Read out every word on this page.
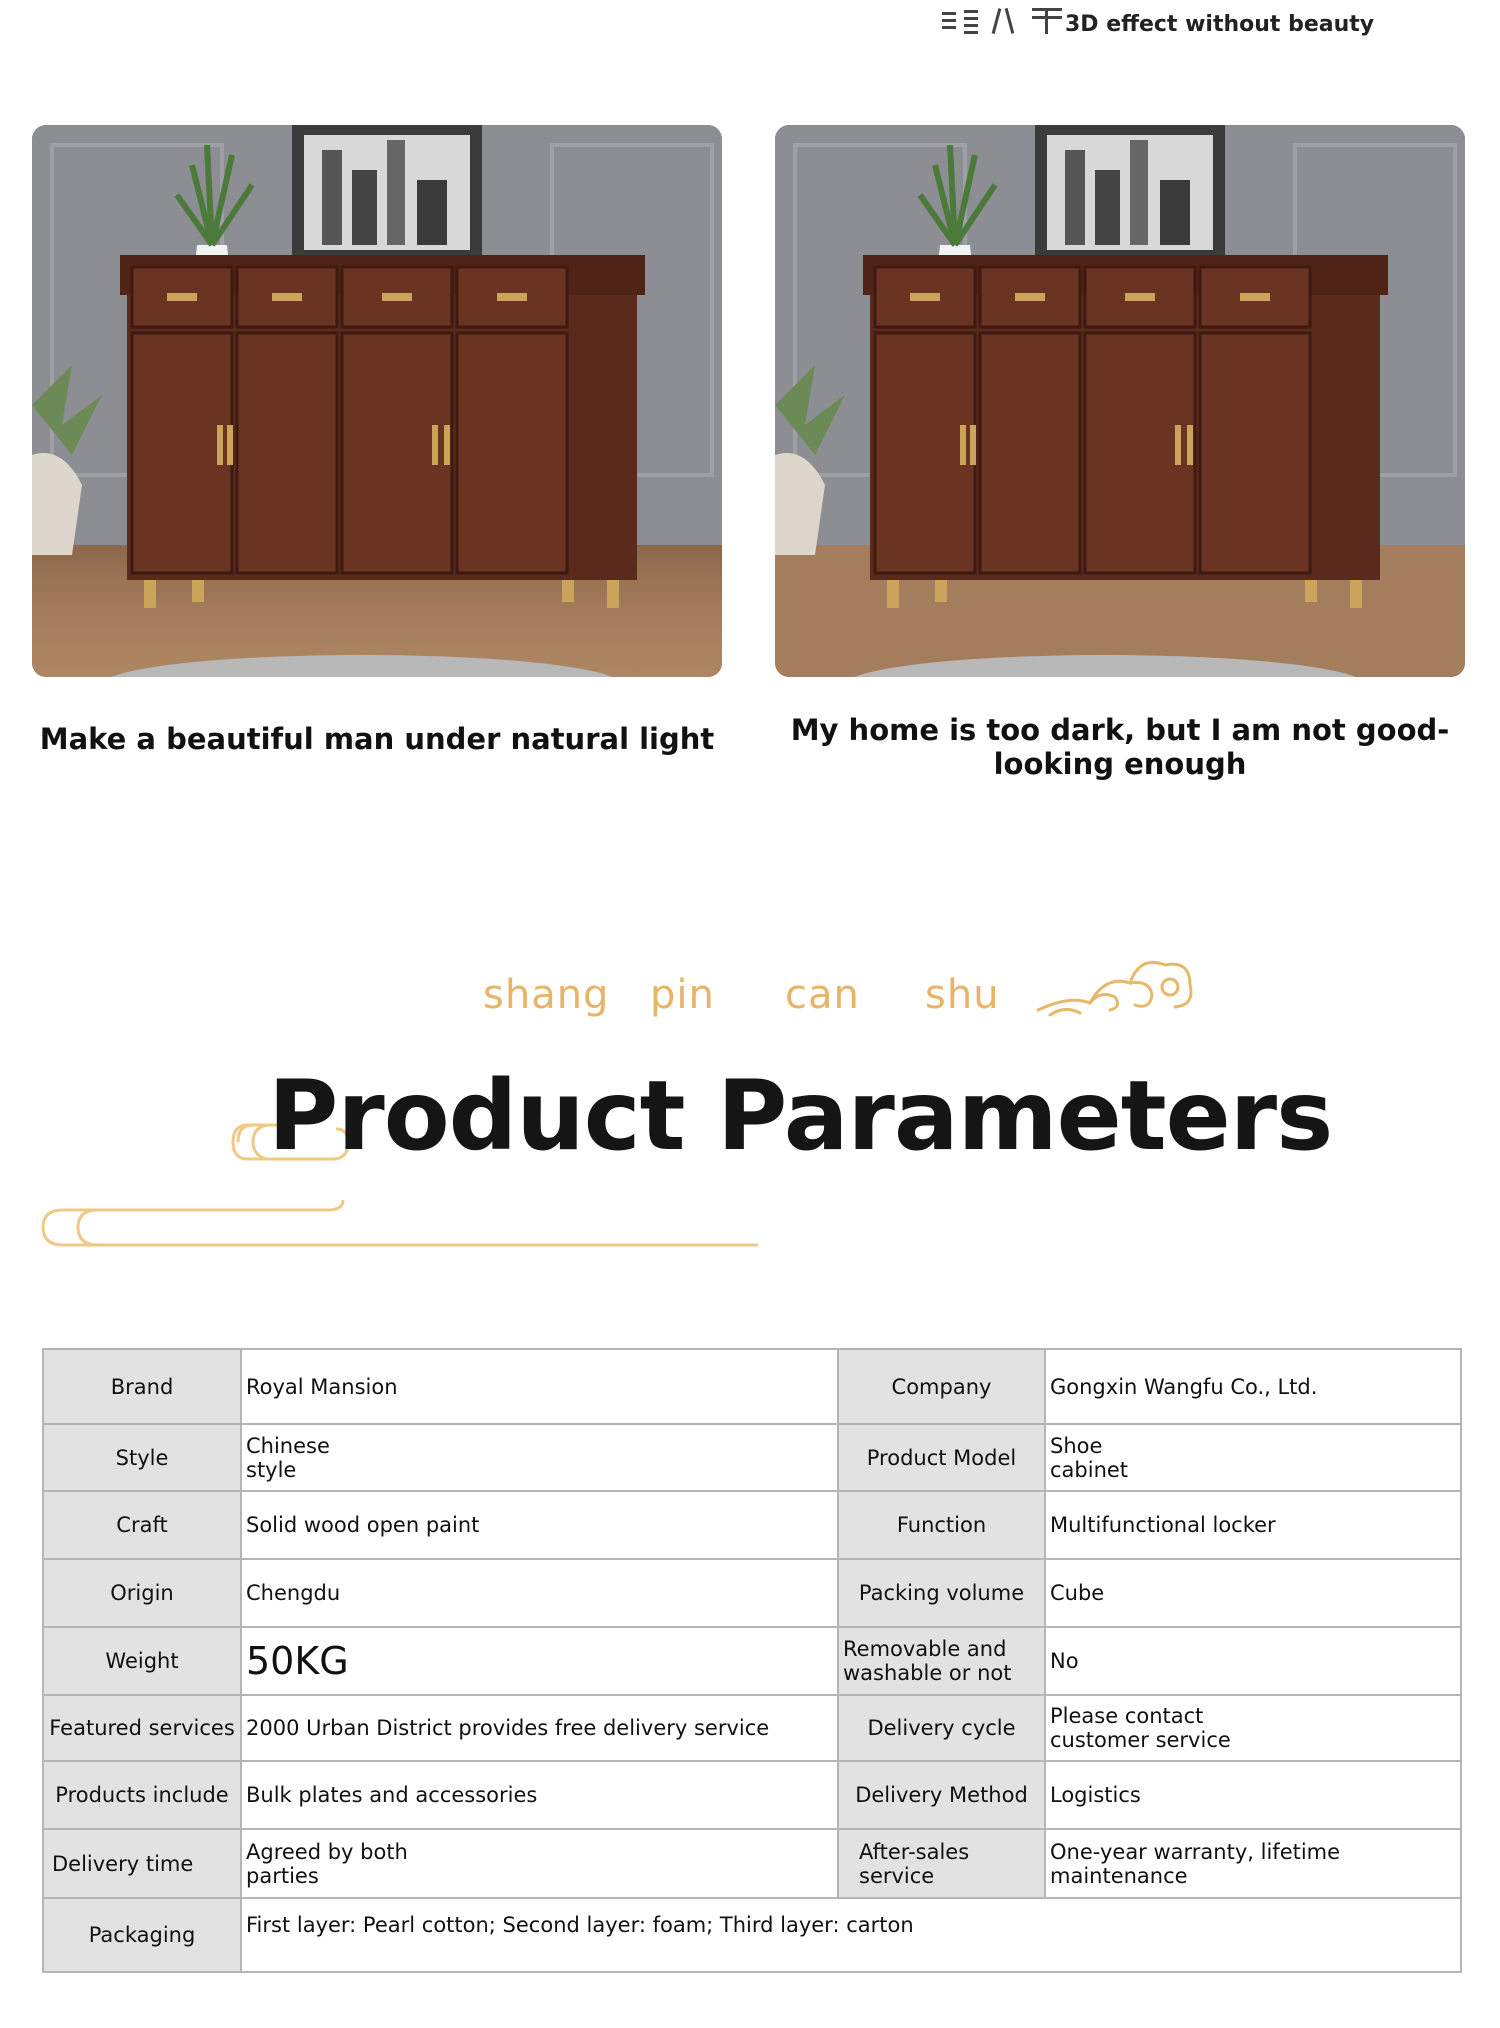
3D effect without beauty
Make a beautiful man under natural light	My home is too dark, but I am not good-looking enough
shang pin can shu
Product Parameters
Brand	Royal Mansion	Company	Gongxin Wangfu Co., Ltd.
Style	Chinese style	Product Model	Shoe cabinet

Craft	Solid wood open paint	Function	Multifunctional locker
Origin	Chengdu	Packing volume	Cube
Weight	50KG	Removable and washable or not	No
Featured services	2000 Urban District provides free delivery service	Delivery cycle	Please contact customer service

Products include	Bulk plates and accessories	Delivery Method	Logistics
Delivery time	Agreed by both parties	After-sales service	One-year warranty, lifetime maintenance

Packaging	First layer: Pearl cotton; Second layer: foam; Third layer: carton		
